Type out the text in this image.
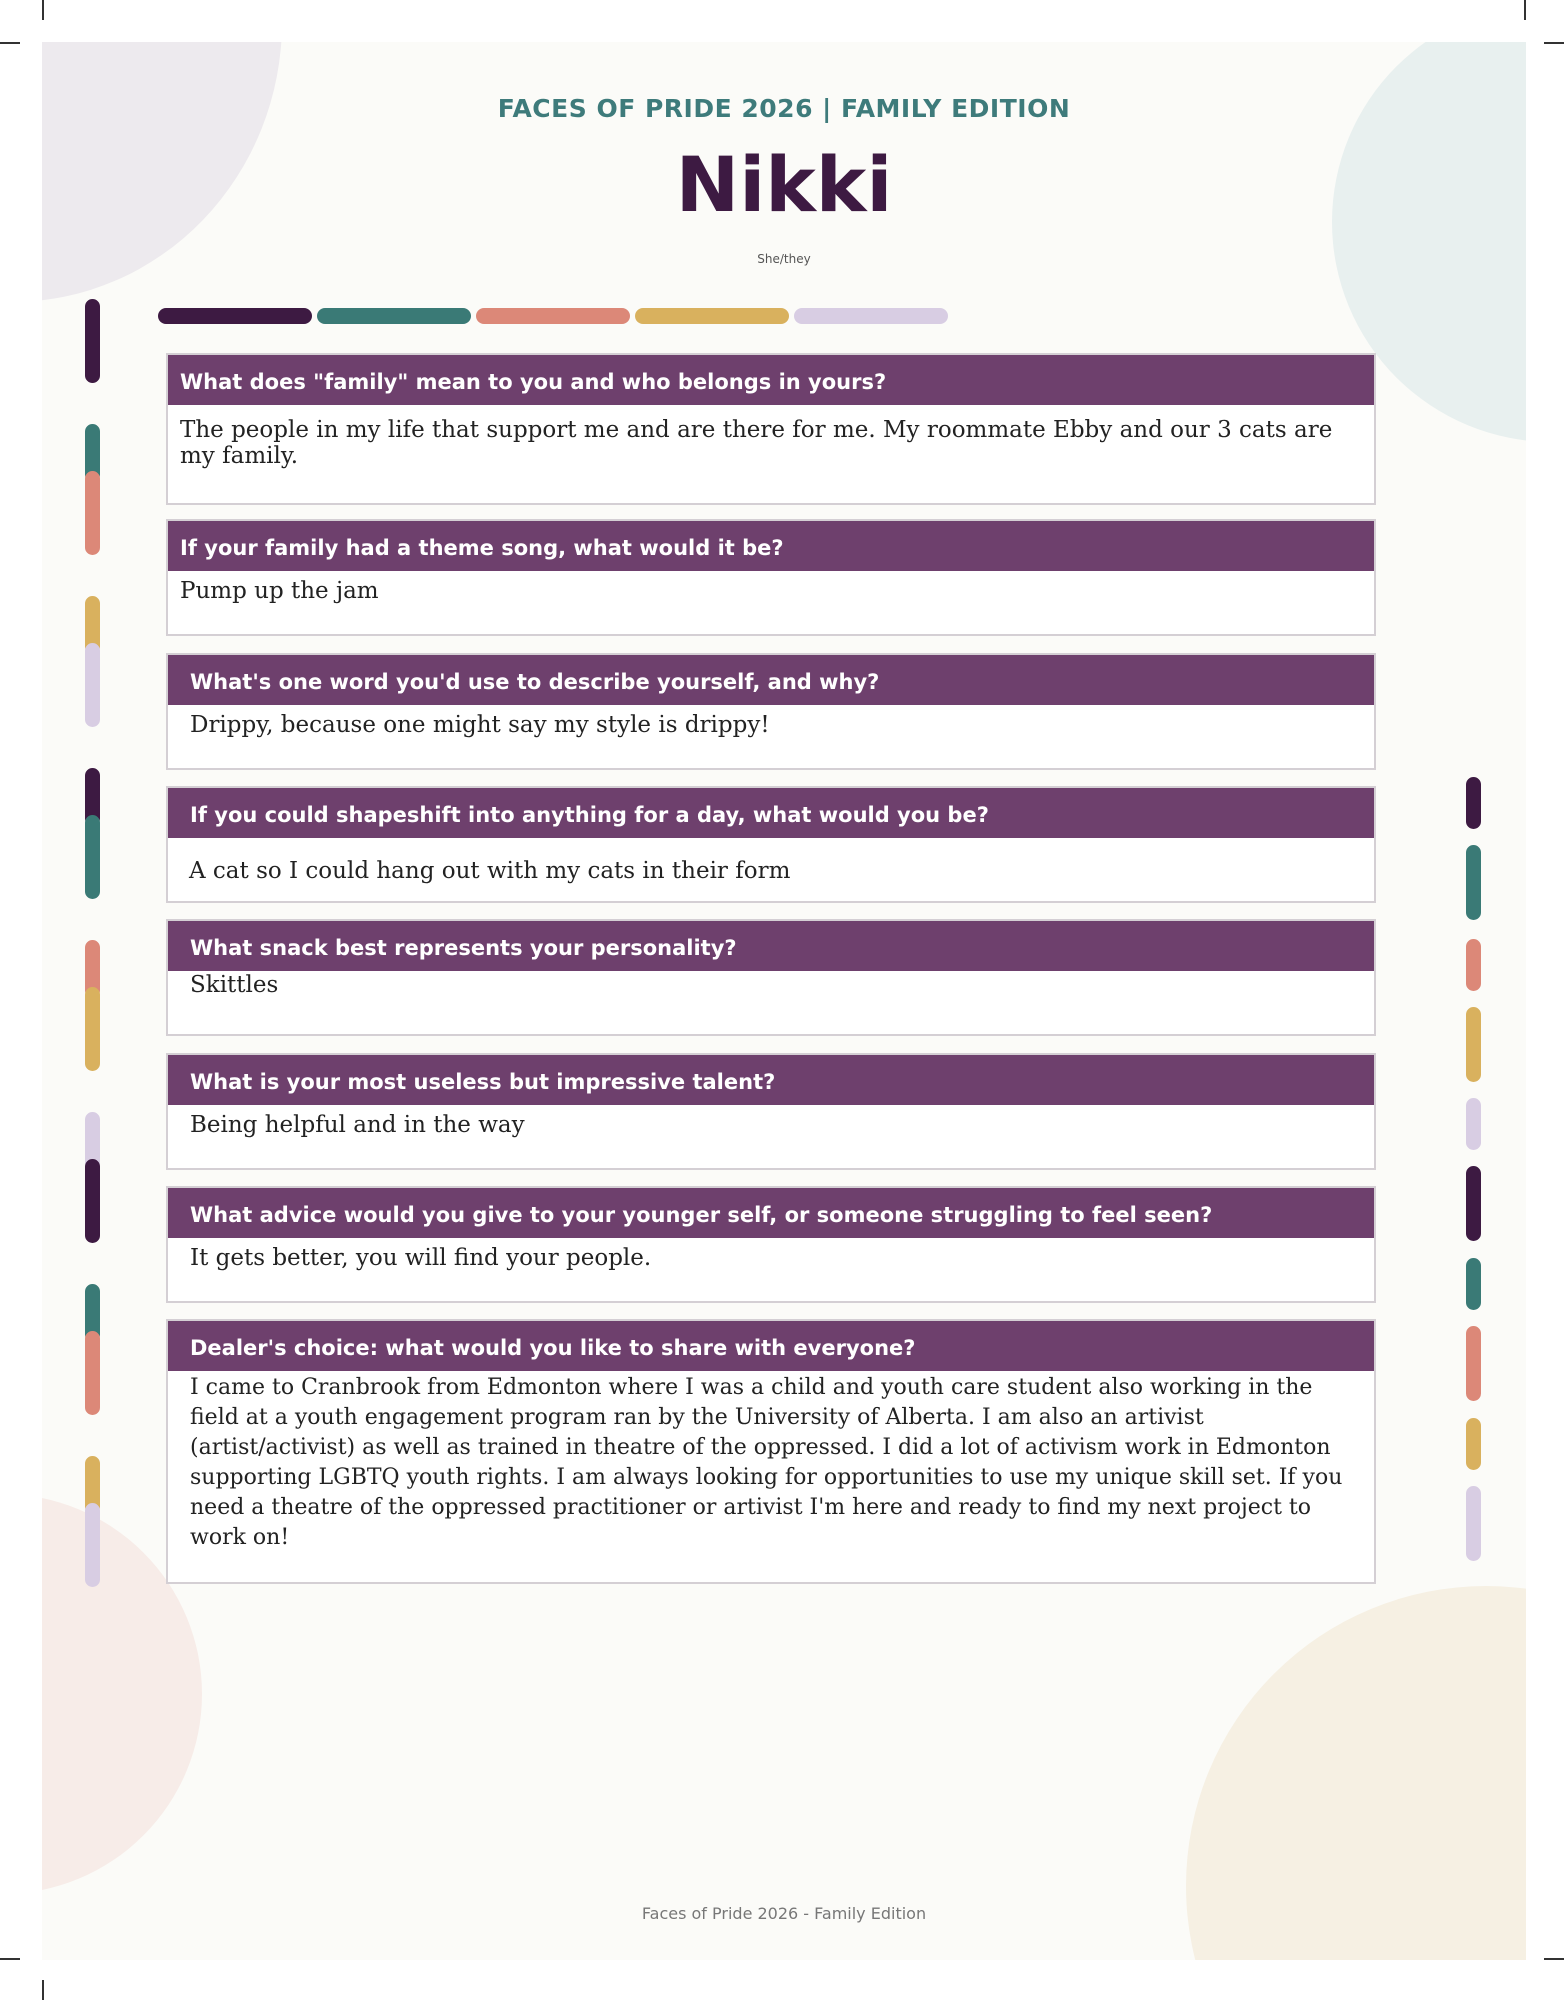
FACES OF PRIDE 2026 | FAMILY EDITION
Nikki
She/they
What does "family" mean to you and who belongs in yours?
The people in my life that support me and are there for me. My roommate Ebby and our 3 cats are my family.
If your family had a theme song, what would it be?
Pump up the jam
What's one word you'd use to describe yourself, and why?
Drippy, because one might say my style is drippy!
If you could shapeshift into anything for a day, what would you be?
A cat so I could hang out with my cats in their form
What snack best represents your personality?
Skittles
What is your most useless but impressive talent?
Being helpful and in the way
What advice would you give to your younger self, or someone struggling to feel seen?
It gets better, you will find your people.
Dealer's choice: what would you like to share with everyone?
I came to Cranbrook from Edmonton where I was a child and youth care student also working in the field at a youth engagement program ran by the University of Alberta. I am also an artivist (artist/activist) as well as trained in theatre of the oppressed. I did a lot of activism work in Edmonton supporting LGBTQ youth rights. I am always looking for opportunities to use my unique skill set. If you need a theatre of the oppressed practitioner or artivist I'm here and ready to find my next project to work on!
Faces of Pride 2026 - Family Edition
